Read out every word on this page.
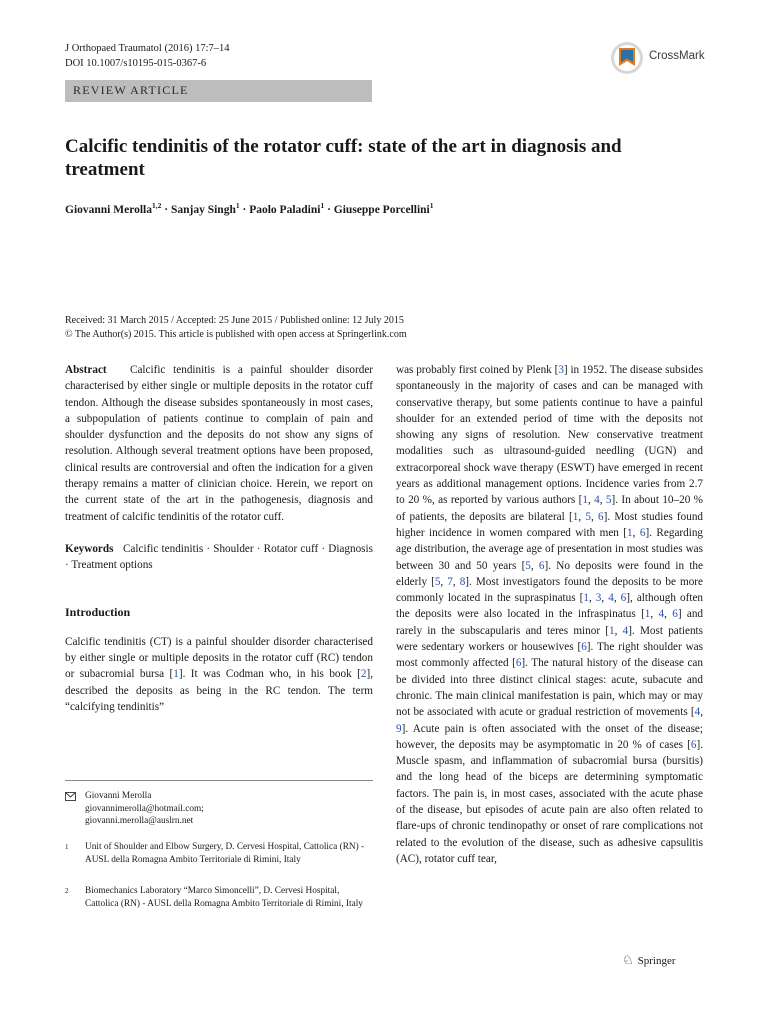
J Orthopaed Traumatol (2016) 17:7–14
DOI 10.1007/s10195-015-0367-6
CrossMark
REVIEW ARTICLE
Calcific tendinitis of the rotator cuff: state of the art in diagnosis and treatment
Giovanni Merolla$^{1,2}$ · Sanjay Singh$^1$ · Paolo Paladini$^1$ · Giuseppe Porcellini$^1$
Received: 31 March 2015 / Accepted: 25 June 2015 / Published online: 12 July 2015
© The Author(s) 2015. This article is published with open access at Springerlink.com

Abstract Calcific tendinitis is a painful shoulder disorder characterised by either single or multiple deposits in the rotator cuff tendon. Although the disease subsides spontaneously in most cases, a subpopulation of patients continue to complain of pain and shoulder dysfunction and the deposits do not show any signs of resolution. Although several treatment options have been proposed, clinical results are controversial and often the indication for a given therapy remains a matter of clinician choice. Herein, we report on the current state of the art in the pathogenesis, diagnosis and treatment of calcific tendinitis of the rotator cuff.

Keywords Calcific tendinitis · Shoulder · Rotator cuff · Diagnosis · Treatment options

Introduction

Calcific tendinitis (CT) is a painful shoulder disorder characterised by either single or multiple deposits in the rotator cuff (RC) tendon or subacromial bursa [1]. It was Codman who, in his book [2], described the deposits as being in the RC tendon. The term “calcifying tendinitis”

was probably first coined by Plenk [3] in 1952. The disease subsides spontaneously in the majority of cases and can be managed with conservative therapy, but some patients continue to have a painful shoulder for an extended period of time with the deposits not showing any signs of resolution. New conservative treatment modalities such as ultrasound-guided needling (UGN) and extracorporeal shock wave therapy (ESWT) have emerged in recent years as additional management options. Incidence varies from 2.7 to 20 %, as reported by various authors [1, 4, 5]. In about 10–20 % of patients, the deposits are bilateral [1, 5, 6]. Most studies found higher incidence in women compared with men [1, 6]. Regarding age distribution, the average age of presentation in most studies was between 30 and 50 years [5, 6]. No deposits were found in the elderly [5, 7, 8]. Most investigators found the deposits to be more commonly located in the supraspinatus [1, 3, 4, 6], although often the deposits were also located in the infraspinatus [1, 4, 6] and rarely in the subscapularis and teres minor [1, 4]. Most patients were sedentary workers or housewives [6]. The right shoulder was most commonly affected [6]. The natural history of the disease can be divided into three distinct clinical stages: acute, subacute and chronic. The main clinical manifestation is pain, which may or may not be associated with acute or gradual restriction of movements [4, 9]. Acute pain is often associated with the onset of the disease; however, the deposits may be asymptomatic in 20 % of cases [6]. Muscle spasm, and inflammation of subacromial bursa (bursitis) and the long head of the biceps are determining symptomatic factors. The pain is, in most cases, associated with the acute phase of the disease, but episodes of acute pain are also often related to flare-ups of chronic tendinopathy or onset of rare complications not related to the evolution of the disease, such as adhesive capsulitis (AC), rotator cuff tear,

Giovanni Merolla
giovannimerolla@hotmail.com;
giovanni.merolla@auslrn.net
1 Unit of Shoulder and Elbow Surgery, D. Cervesi Hospital, Cattolica (RN) - AUSL della Romagna Ambito Territoriale di Rimini, Italy
2 Biomechanics Laboratory “Marco Simoncelli”, D. Cervesi Hospital, Cattolica (RN) - AUSL della Romagna Ambito Territoriale di Rimini, Italy
♘ Springer
